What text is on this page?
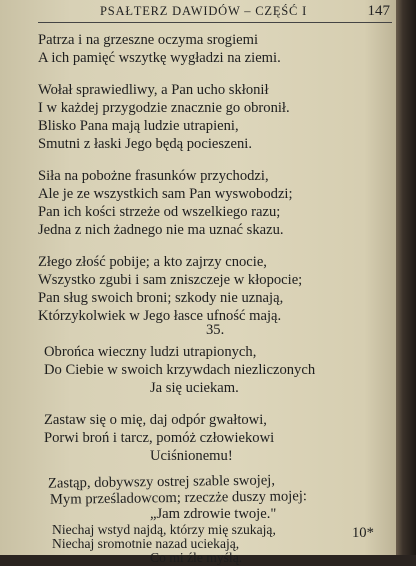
PSAŁTERZ DAWIDÓW – CZĘŚĆ I	147
Patrza i na grzeszne oczyma srogiemi
A ich pamięć wszytkę wygładzi na ziemi.
Wołał sprawiedliwy, a Pan ucho skłonił
I w każdej przygodzie znacznie go obronił.
Blisko Pana mają ludzie utrapieni,
Smutni z łaski Jego będą pocieszeni.
Siła na pobożne frasunków przychodzi,
Ale je ze wszystkich sam Pan wyswobodzi;
Pan ich kości strzeże od wszelkiego razu;
Jedna z nich żadnego nie ma uznać skazu.
Złego złość pobije; a kto zajrzy cnocie,
Wszystko zgubi i sam zniszczeje w kłopocie;
Pan sług swoich broni; szkody nie uznają,
Którzykolwiek w Jego łasce ufność mają.
35.
Obrońca wieczny ludzi utrapionych,
Do Ciebie w swoich krzywdach niezliczonych
Ja się uciekam.
Zastaw się o mię, daj odpór gwałtowi,
Porwi broń i tarcz, pomóż człowiekowi
Uciśnionemu!
Zastąp, dobywszy ostrej szable swojej,
Mym prześladowcom; rzeczże duszy mojej:
„Jam zdrowie twoje."
Niechaj wstyd najdą, którzy mię szukają,
Niechaj sromotnie nazad uciekają,
Co mi źle myślą.
10*
